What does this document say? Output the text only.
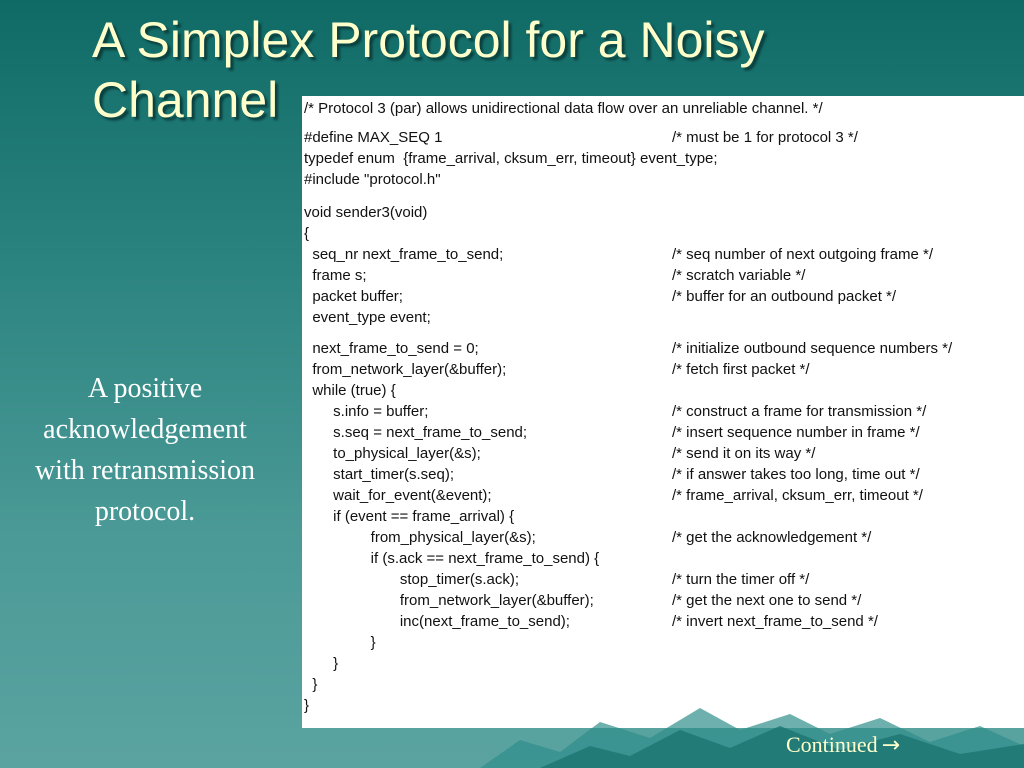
A Simplex Protocol for a Noisy
Channel
A positive
acknowledgement
with retransmission
protocol.
/* Protocol 3 (par) allows unidirectional data flow over an unreliable channel. */
#define MAX_SEQ 1	/* must be 1 for protocol 3 */
typedef enum  {frame_arrival, cksum_err, timeout} event_type;
#include "protocol.h"
void sender3(void)
{
seq_nr next_frame_to_send;	/* seq number of next outgoing frame */
frame s;	/* scratch variable */
packet buffer;	/* buffer for an outbound packet */
event_type event;
next_frame_to_send = 0;	/* initialize outbound sequence numbers */
from_network_layer(&buffer);	/* fetch first packet */
while (true) {
s.info = buffer;	/* construct a frame for transmission */
s.seq = next_frame_to_send;	/* insert sequence number in frame */
to_physical_layer(&s);	/* send it on its way */
start_timer(s.seq);	/* if answer takes too long, time out */
wait_for_event(&event);	/* frame_arrival, cksum_err, timeout */
if (event == frame_arrival) {
from_physical_layer(&s);	/* get the acknowledgement */
if (s.ack == next_frame_to_send) {
stop_timer(s.ack);	/* turn the timer off */
from_network_layer(&buffer);	/* get the next one to send */
inc(next_frame_to_send);	/* invert next_frame_to_send */
}
}
}
}
Continued →
